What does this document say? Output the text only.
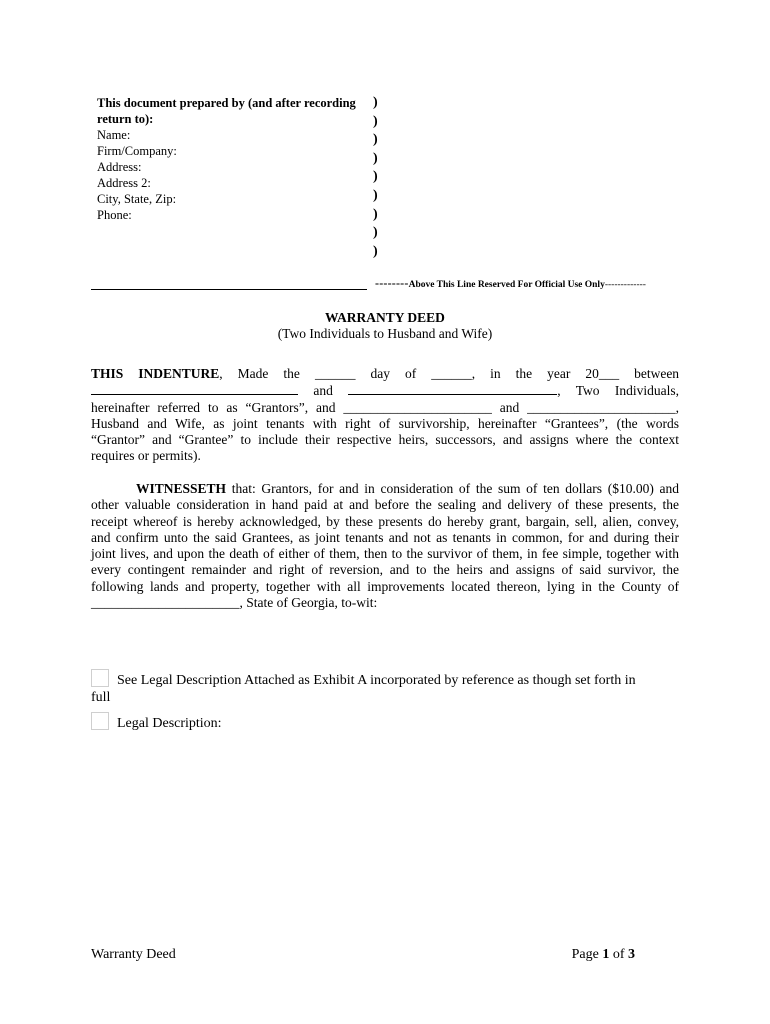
This document prepared by (and after recording return to):
Name:
Firm/Company:
Address:
Address 2:
City, State, Zip:
Phone:
)
)
)
)
)
)
)
)
)
--------Above This Line Reserved For Official Use Only-------------
WARRANTY DEED
(Two Individuals to Husband and Wife)
THIS INDENTURE, Made the ______ day of ______, in the year 20___ between
and	, Two Individuals,
hereinafter referred to as “Grantors”, and ______________________ and ______________________,
Husband and Wife, as joint tenants with right of survivorship, hereinafter “Grantees”, (the words
“Grantor” and “Grantee” to include their respective heirs, successors, and assigns where the context
requires or permits).
WITNESSETH that: Grantors, for and in consideration of the sum of ten dollars ($10.00) and
other valuable consideration in hand paid at and before the sealing and delivery of these presents, the
receipt whereof is hereby acknowledged, by these presents do hereby grant, bargain, sell, alien, convey,
and confirm unto the said Grantees, as joint tenants and not as tenants in common, for and during their
joint lives, and upon the death of either of them, then to the survivor of them, in fee simple, together with
every contingent remainder and right of reversion, and to the heirs and assigns of said survivor, the
following lands and property, together with all improvements located thereon, lying in the County of
______________________, State of Georgia, to-wit:
See Legal Description Attached as Exhibit A incorporated by reference as though set forth in
full
Legal Description:
Warranty Deed	Page 1 of 3
